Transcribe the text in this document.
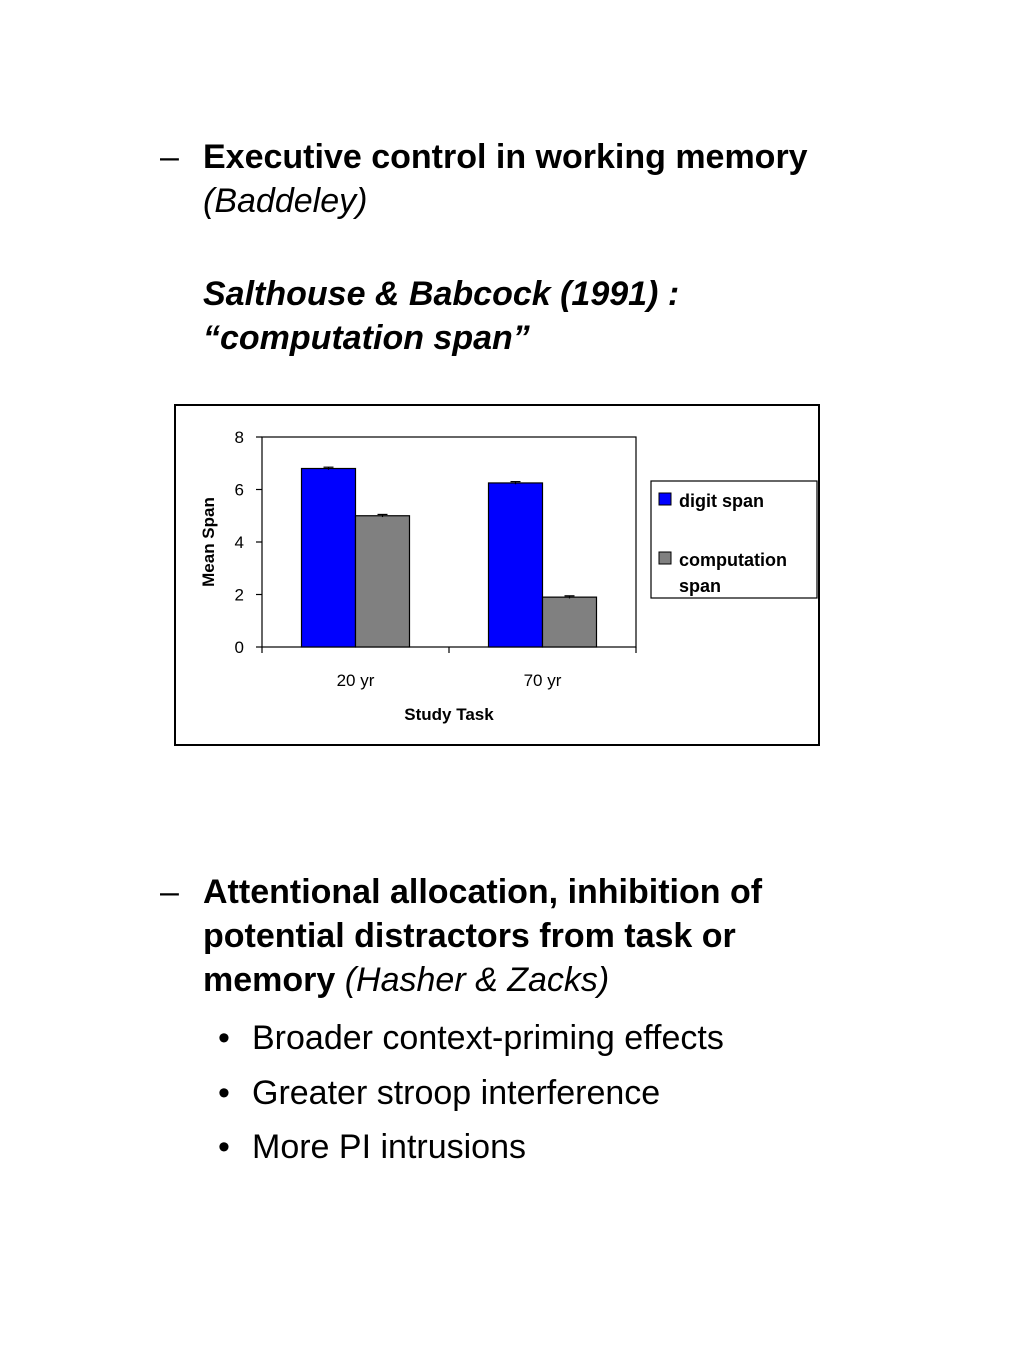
– Executive control in working memory
(Baddeley)
Salthouse & Babcock (1991) :
“computation span”
0
2
4
6
8
20 yr	70 yr
Mean Span
Study Task
digit span
computation span
– Attentional allocation, inhibition of
potential distractors from task or
memory (Hasher & Zacks)
• Broader context-priming effects
• Greater stroop interference
• More PI intrusions
